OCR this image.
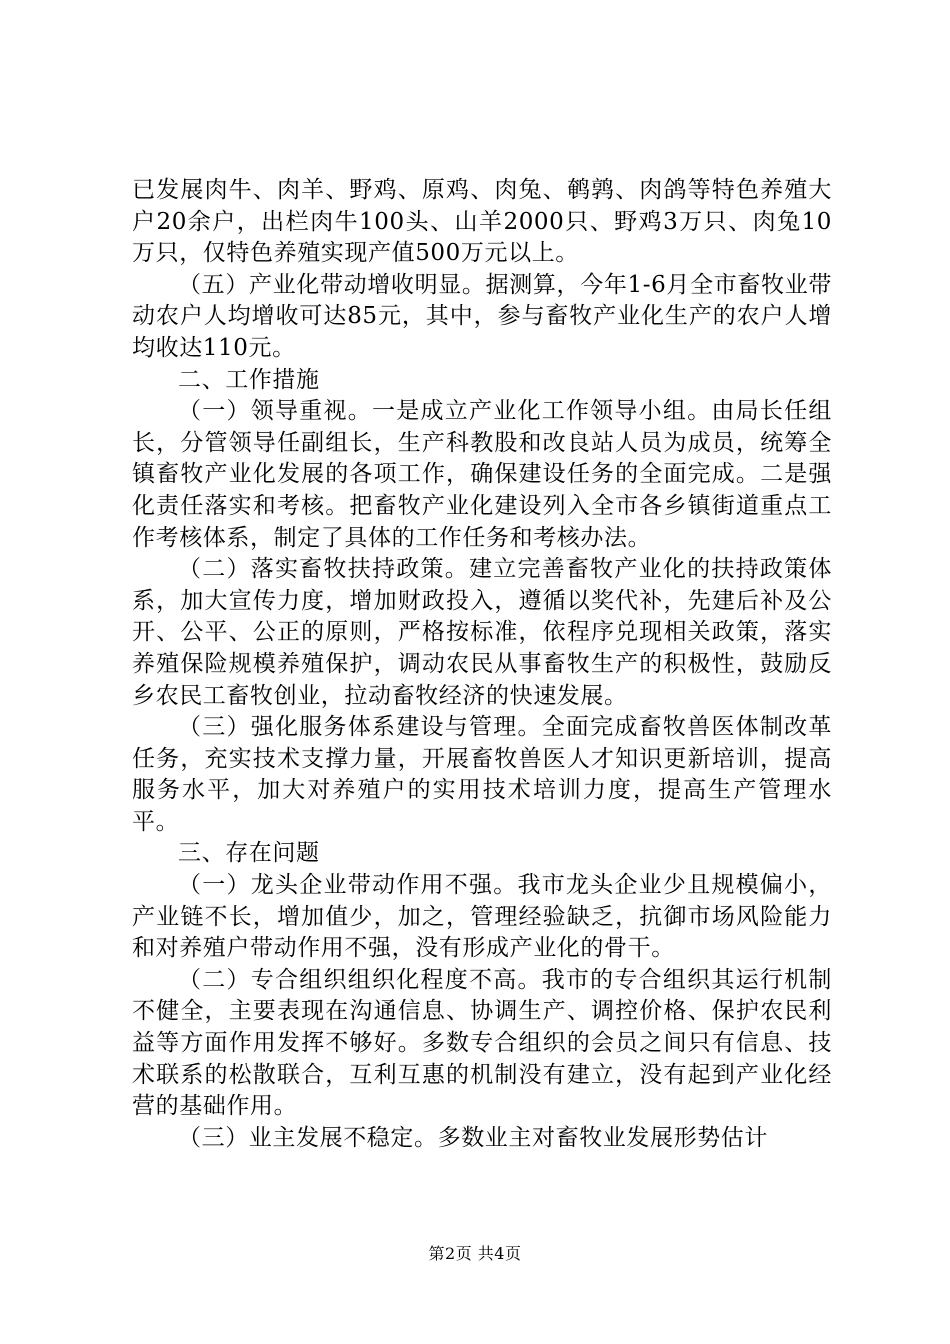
已发展肉牛、肉羊、野鸡、原鸡、肉兔、鹌鹑、肉鸽等特色养殖大户20余户，出栏肉牛100头、山羊2000只、野鸡3万只、肉兔10万只，仅特色养殖实现产值500万元以上。

（五）产业化带动增收明显。据测算，今年1-6月全市畜牧业带动农户人均增收可达85元，其中，参与畜牧产业化生产的农户人增均收达110元。

二、工作措施

（一）领导重视。一是成立产业化工作领导小组。由局长任组长，分管领导任副组长，生产科教股和改良站人员为成员，统筹全镇畜牧产业化发展的各项工作，确保建设任务的全面完成。二是强化责任落实和考核。把畜牧产业化建设列入全市各乡镇街道重点工作考核体系，制定了具体的工作任务和考核办法。

（二）落实畜牧扶持政策。建立完善畜牧产业化的扶持政策体系，加大宣传力度，增加财政投入，遵循以奖代补，先建后补及公开、公平、公正的原则，严格按标准，依程序兑现相关政策，落实养殖保险规模养殖保护，调动农民从事畜牧生产的积极性，鼓励反乡农民工畜牧创业，拉动畜牧经济的快速发展。

（三）强化服务体系建设与管理。全面完成畜牧兽医体制改革任务，充实技术支撑力量，开展畜牧兽医人才知识更新培训，提高服务水平，加大对养殖户的实用技术培训力度，提高生产管理水平。

三、存在问题

（一）龙头企业带动作用不强。我市龙头企业少且规模偏小，产业链不长，增加值少，加之，管理经验缺乏，抗御市场风险能力和对养殖户带动作用不强，没有形成产业化的骨干。

（二）专合组织组织化程度不高。我市的专合组织其运行机制不健全，主要表现在沟通信息、协调生产、调控价格、保护农民利益等方面作用发挥不够好。多数专合组织的会员之间只有信息、技术联系的松散联合，互利互惠的机制没有建立，没有起到产业化经营的基础作用。

（三）业主发展不稳定。多数业主对畜牧业发展形势估计

第2页 共4页
